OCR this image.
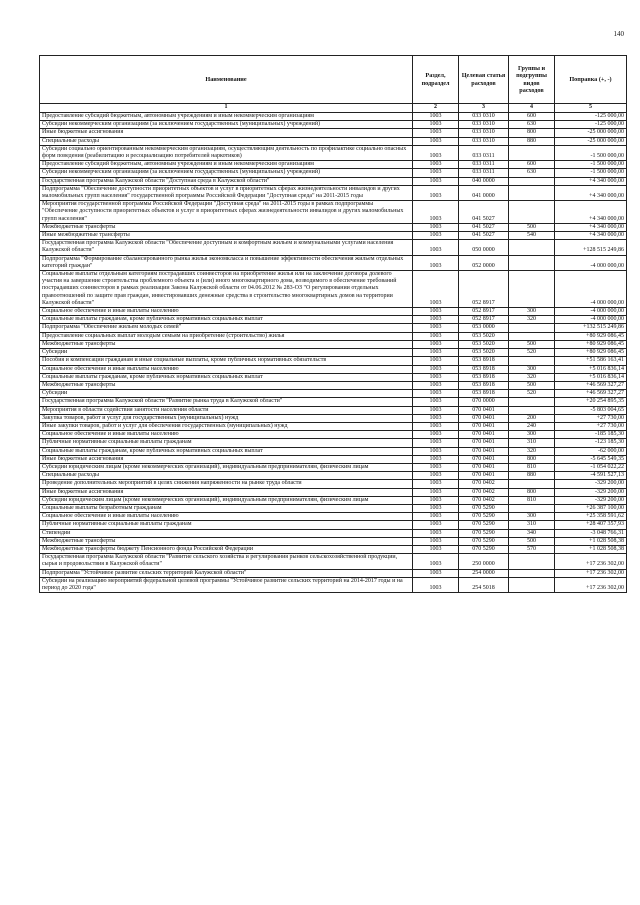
140
Наименование	Раздел, подраздел	Целевая статья расходов	Группы и подгруппы видов расходов	Поправка (+, -)
1	2	3	4	5
Предоставление субсидий бюджетным, автономным учреждениям и иным некоммерческим организациям	1003	033 0310	600	-125 000,00
Субсидии некоммерческим организациям (за исключением государственных (муниципальных) учреждений)	1003	033 0310	630	-125 000,00
Иные бюджетные ассигнования	1003	033 0310	800	-25 000 000,00
Специальные расходы	1003	033 0310	880	-25 000 000,00
Субсидии социально ориентированным некоммерческим организациям, осуществляющим деятельность по профилактике социально опасных форм поведения (реабилитацию и ресоциализацию потребителей наркотиков)	1003	033 0311		-1 500 000,00
Предоставление субсидий бюджетным, автономным учреждениям и иным некоммерческим организациям	1003	033 0311	600	-1 500 000,00
Субсидии некоммерческим организациям (за исключением государственных (муниципальных) учреждений)	1003	033 0311	630	-1 500 000,00
Государственная программа Калужской области "Доступная среда в Калужской области"	1003	040 0000		+4 340 000,00
Подпрограмма "Обеспечение доступности приоритетных объектов и услуг в приоритетных сферах жизнедеятельности инвалидов и других маломобильных групп населения" государственной программы Российской Федерации "Доступная среда" на 2011-2015 годы	1003	041 0000		+4 340 000,00
Мероприятия государственной программы Российской Федерации "Доступная среда" на 2011-2015 годы в рамках подпрограммы "Обеспечение доступности приоритетных объектов и услуг в приоритетных сферах жизнедеятельности инвалидов и других маломобильных групп населения"	1003	041 5027		+4 340 000,00
Межбюджетные трансферты	1003	041 5027	500	+4 340 000,00
Иные межбюджетные трансферты	1003	041 5027	540	+4 340 000,00
Государственная программа Калужской области "Обеспечение доступным и комфортным жильем и коммунальными услугами населения Калужской области"	1003	050 0000		+128 515 249,86
Подпрограмма "Формирование сбалансированного рынка жилья экономкласса и повышение эффективности обеспечения жильем отдельных категорий граждан"	1003	052 0000		-4 000 000,00
Социальные выплаты отдельным категориям пострадавших соинвесторов на приобретение жилья или на заключение договора долевого участия на завершение строительства проблемного объекта и (или) иного многоквартирного дома, возводимого в обеспечение требований пострадавших соинвесторов в рамках реализации Закона Калужской области от 04.06.2012 № 283-ОЗ "О регулировании отдельных правоотношений по защите прав граждан, инвестировавших денежные средства в строительство многоквартирных домов на территории Калужской области"	1003	052 8917		-4 000 000,00
Социальное обеспечение и иные выплаты населению	1003	052 8917	300	-4 000 000,00
Социальные выплаты гражданам, кроме публичных нормативных социальных выплат	1003	052 8917	320	-4 000 000,00
Подпрограмма "Обеспечение жильем молодых семей"	1003	053 0000		+132 515 249,86
Предоставление социальных выплат молодым семьям на приобретение (строительство) жилья	1003	053 5020		+80 929 086,45
Межбюджетные трансферты	1003	053 5020	500	+80 929 086,45
Субсидии	1003	053 5020	520	+80 929 086,45
Пособия и компенсации гражданам и иные социальные выплаты, кроме публичных нормативных обязательств	1003	053 8918		+51 586 163,41
Социальное обеспечение и иные выплаты населению	1003	053 8918	300	+5 016 836,14
Социальные выплаты гражданам, кроме публичных нормативных социальных выплат	1003	053 8918	320	+5 016 836,14
Межбюджетные трансферты	1003	053 8918	500	+46 569 327,27
Субсидии	1003	053 8918	520	+46 569 327,27
Государственная программа Калужской области "Развитие рынка труда в Калужской области"	1003	070 0000		+20 254 895,35
Мероприятия в области содействия занятости населения области	1003	070 0401		-5 803 004,65
Закупка товаров, работ и услуг для государственных (муниципальных) нужд	1003	070 0401	200	+27 730,00
Иные закупки товаров, работ и услуг для обеспечения государственных (муниципальных) нужд	1003	070 0401	240	+27 730,00
Социальное обеспечение и иные выплаты населению	1003	070 0401	300	-185 185,30
Публичные нормативные социальные выплаты гражданам	1003	070 0401	310	-123 185,30
Социальные выплаты гражданам, кроме публичных нормативных социальных выплат	1003	070 0401	320	-62 000,00
Иные бюджетные ассигнования	1003	070 0401	800	-5 645 549,35
Субсидии юридическим лицам (кроме некоммерческих организаций), индивидуальным предпринимателям, физическим лицам	1003	070 0401	810	-1 054 022,22
Специальные расходы	1003	070 0401	880	-4 591 527,13
Проведение дополнительных мероприятий в целях снижения напряженности на рынке труда области	1003	070 0402		-329 200,00
Иные бюджетные ассигнования	1003	070 0402	800	-329 200,00
Субсидии юридическим лицам (кроме некоммерческих организаций), индивидуальным предпринимателям, физическим лицам	1003	070 0402	810	-329 200,00
Социальные выплаты безработным гражданам	1003	070 5290		+26 387 100,00
Социальное обеспечение и иные выплаты населению	1003	070 5290	300	+25 358 591,62
Публичные нормативные социальные выплаты гражданам	1003	070 5290	310	+28 407 357,93
Стипендии	1003	070 5290	340	-3 048 766,31
Межбюджетные трансферты	1003	070 5290	500	+1 028 508,38
Межбюджетные трансферты бюджету Пенсионного фонда Российской Федерации	1003	070 5290	570	+1 028 508,38
Государственная программа Калужской области "Развитие сельского хозяйства и регулирования рынков сельскохозяйственной продукции, сырья и продовольствия в Калужской области"	1003	250 0000		+17 236 302,00
Подпрограмма "Устойчивое развитие сельских территорий Калужской области"	1003	254 0000		+17 236 302,00
Субсидии на реализацию мероприятий федеральной целевой программы "Устойчивое развитие сельских территорий на 2014-2017 годы и на период до 2020 года"	1003	254 5018		+17 236 302,00
